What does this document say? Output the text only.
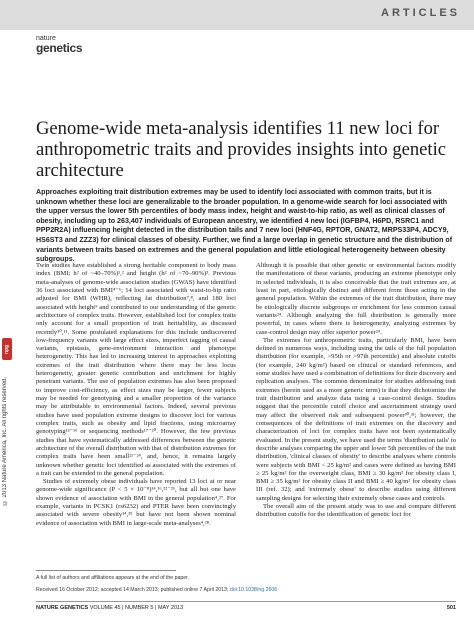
ARTICLES
nature
genetics
© 2013 Nature America, Inc. All rights reserved.
npg
Genome-wide meta-analysis identifies 11 new loci for anthropometric traits and provides insights into genetic architecture
Approaches exploiting trait distribution extremes may be used to identify loci associated with common traits, but it is unknown whether these loci are generalizable to the broader population. In a genome-wide search for loci associated with the upper versus the lower 5th percentiles of body mass index, height and waist-to-hip ratio, as well as clinical classes of obesity, including up to 263,407 individuals of European ancestry, we identified 4 new loci (IGFBP4, H6PD, RSRC1 and PPP2R2A) influencing height detected in the distribution tails and 7 new loci (HNF4G, RPTOR, GNAT2, MRPS33P4, ADCY9, HS6ST3 and ZZZ3) for clinical classes of obesity. Further, we find a large overlap in genetic structure and the distribution of variants between traits based on extremes and the general population and little etiological heterogeneity between obesity subgroups.

Twin studies have established a strong heritable component to body mass index (BMI; h² of ~40–70%)¹,² and height (h² of ~70–90%)³. Previous meta-analyses of genome-wide association studies (GWAS) have identified 36 loci associated with BMI⁴⁻⁶; 14 loci associated with waist-to-hip ratio adjusted for BMI (WHR), reflecting fat distribution⁷,⁸, and 180 loci associated with height⁹ and contributed to our understanding of the genetic architecture of complex traits. However, established loci for complex traits only account for a small proportion of trait heritability, as discussed recently¹⁰,¹¹. Some postulated explanations for this include undiscovered low-frequency variants with large effect sizes, imperfect tagging of causal variants, epistasis, gene-environment interaction and phenotype heterogeneity. This has led to increasing interest in approaches exploiting extremes of the trait distribution where there may be less locus heterogeneity, greater genetic contribution and enrichment for highly penetrant variants. The use of population extremes has also been proposed to improve cost-efficiency, as effect sizes may be larger, fewer subjects may be needed for genotyping and a smaller proportion of the variance may be attributable to environmental factors. Indeed, several previous studies have used population extreme designs to discover loci for various complex traits, such as obesity and lipid fractions, using microarray genotyping¹²⁻¹⁶ or sequencing methods¹⁷⁻²⁰. However, the few previous studies that have systematically addressed differences between the genetic architecture of the overall distribution with that of distribution extremes for complex traits have been small²¹⁻²⁴, and, hence, it remains largely unknown whether genetic loci identified as associated with the extremes of a trait can be extended to the general population.

Studies of extremely obese individuals have reported 13 loci at or near genome-wide significance (P < 5 × 10⁻⁸)¹⁴,¹⁶,²²⁻²⁶, but all but one have shown evidence of association with BMI in the general population⁴,²⁷. For example, variants in PCSK1 (rs6232) and PTER have been convincingly associated with severe obesity¹⁴,²⁵ but have not been shown nominal evidence of association with BMI in large-scale meta-analyses⁴,²⁸.

Although it is possible that other genetic or environmental factors modify the manifestations of these variants, producing an extreme phenotype only in selected individuals, it is also conceivable that the trait extremes are, at least in part, etiologically distinct and different from those acting in the general population. Within the extremes of the trait distribution, there may be etiologically discrete subgroups or enrichment for less common causal variants²⁴. Although analyzing the full distribution is generally more powerful, in cases where there is heterogeneity, analyzing extremes by case-control design may offer superior power²⁹.

The extremes for anthropometric traits, particularly BMI, have been defined in numerous ways, including using the tails of the full population distribution (for example, >95th or >97th percentile) and absolute cutoffs (for example, 240 kg/m²) based on clinical or standard references, and some studies have used a combination of definitions for their discovery and replication analyses. The common denominator for studies addressing trait extremes (herein used as a more generic term) is that they dichotomize the trait distribution and analyze data using a case-control design. Studies suggest that the percentile cutoff choice and ascertainment strategy used may affect the observed risk and subsequent power³⁰,³¹; however, the consequences of the definitions of trait extremes on the discovery and characterization of loci for complex traits have not been systematically evaluated. In the present study, we have used the terms 'distribution tails' to describe analyses comparing the upper and lower 5th percentiles of the trait distribution, 'clinical classes of obesity' to describe analyses where controls were subjects with BMI < 25 kg/m² and cases were defined as having BMI ≥ 25 kg/m² for the overweight class, BMI ≥ 30 kg/m² for obesity class I, BMI ≥ 35 kg/m² for obesity class II and BMI ≥ 40 kg/m² for obesity class III (ref. 32); and 'extremely obese' to describe studies using different sampling designs for selecting their extremely obese cases and controls.

The overall aim of the present study was to use and compare different distribution cutoffs for the identification of genetic loci for

A full list of authors and affiliations appears at the end of the paper.
Received 16 October 2012; accepted 14 March 2013; published online 7 April 2013; doi:10.1038/ng.2606
NATURE GENETICS VOLUME 45 | NUMBER 5 | MAY 2013	501
